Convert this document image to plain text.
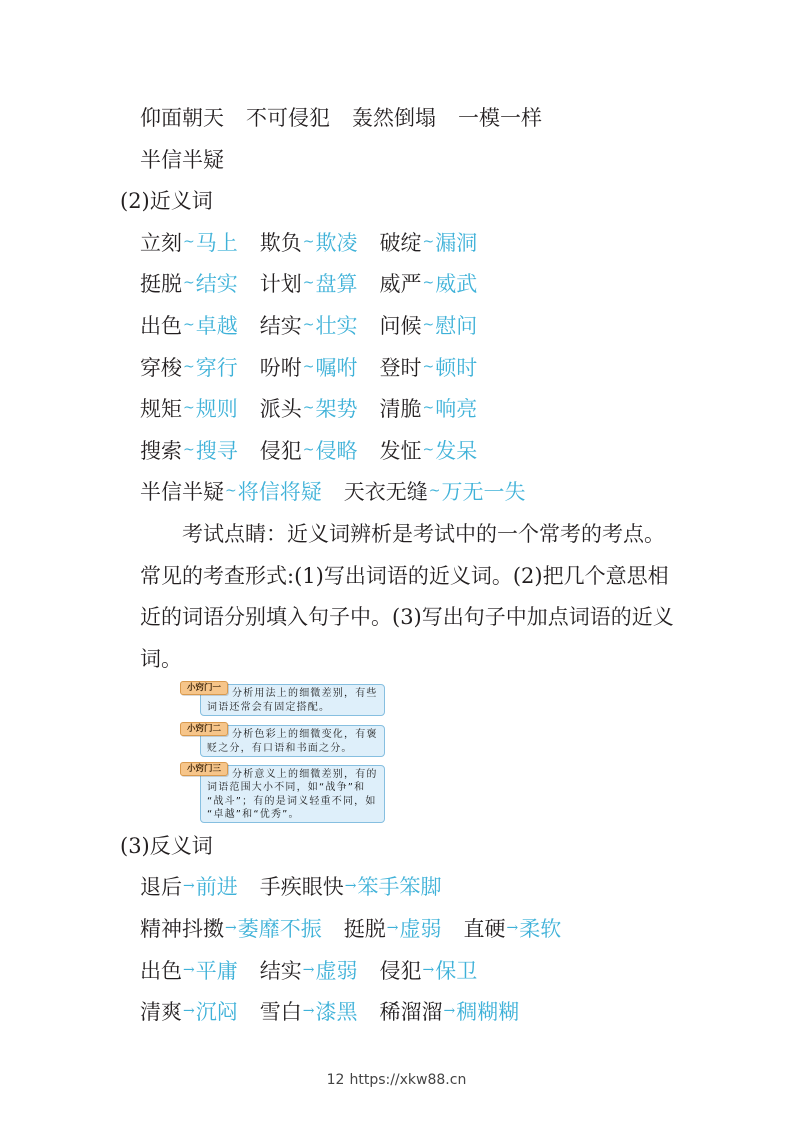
仰面朝天 不可侵犯 轰然倒塌 一模一样
半信半疑
(2)近义词
立刻 ~ 马上 欺负 ~ 欺凌 破绽 ~ 漏洞
挺脱 ~ 结实 计划 ~ 盘算 威严 ~ 威武
出色 ~ 卓越 结实 ~ 壮实 问候 ~ 慰问
穿梭 ~ 穿行 吩咐 ~ 嘱咐 登时 ~ 顿时
规矩 ~ 规则 派头 ~ 架势 清脆 ~ 响亮
搜索 ~ 搜寻 侵犯 ~ 侵略 发怔 ~ 发呆
半信半疑 ~ 将信将疑 天衣无缝 ~ 万无一失
考试点睛：近义词辨析是考试中的一个常考的考点。
常见的考查形式:(1)写出词语的近义词。(2)把几个意思相
近的词语分别填入句子中。(3)写出句子中加点词语的近义
词。
小窍门一	分析用法上的细微差别，有些
词语还常会有固定搭配。
小窍门二	分析色彩上的细微变化，有褒
贬之分，有口语和书面之分。
小窍门三	分析意义上的细微差别，有的
词语范围大小不同，如“战争”和
“战斗”；有的是词义轻重不同，如
“卓越”和“优秀”。
(3)反义词
退后 → 前进 手疾眼快 → 笨手笨脚
精神抖擞 → 萎靡不振 挺脱 → 虚弱 直硬 → 柔软
出色 → 平庸 结实 → 虚弱 侵犯 → 保卫
清爽 → 沉闷 雪白 → 漆黑 稀溜溜 → 稠糊糊
12 https://xkw88.cn
